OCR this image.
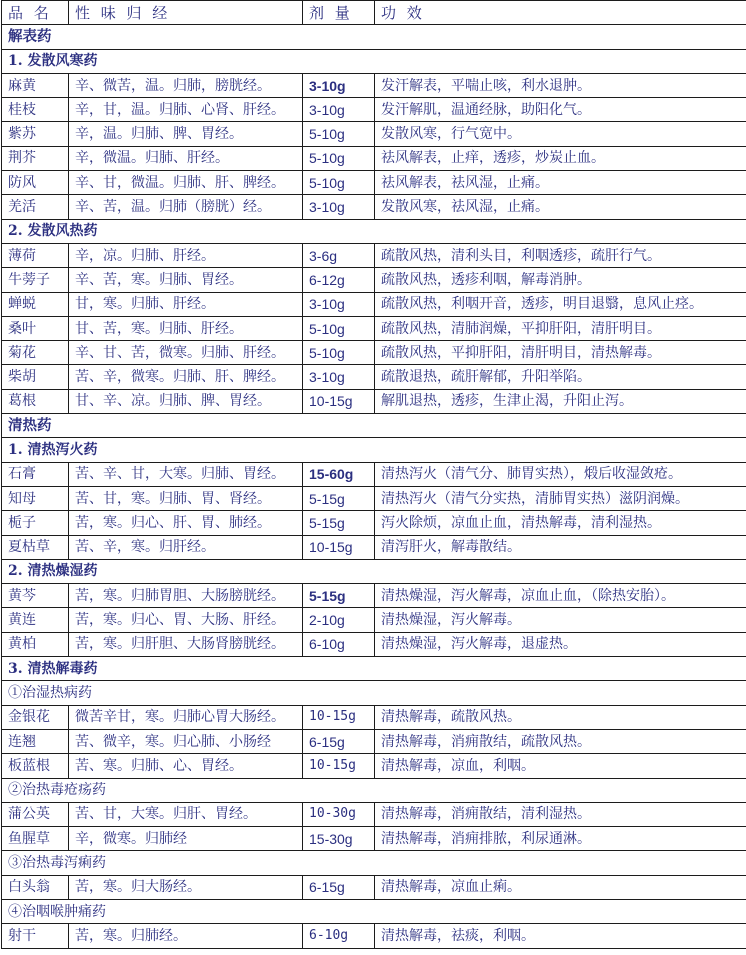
品 名	性 味 归 经	剂 量	功 效
解表药			
1. 发散风寒药			
麻黄	辛、微苦，温。归肺，膀胱经。	3-10g	发汗解表，平喘止咳，利水退肿。
桂枝	辛，甘，温。归肺、心肾、肝经。	3-10g	发汗解肌，温通经脉，助阳化气。
紫苏	辛，温。归肺、脾、胃经。	5-10g	发散风寒，行气宽中。
荆芥	辛，微温。归肺、肝经。	5-10g	祛风解表，止痒，透疹，炒炭止血。
防风	辛、甘，微温。归肺、肝、脾经。	5-10g	祛风解表，祛风湿，止痛。
羌活	辛、苦，温。归肺（膀胱）经。	3-10g	发散风寒，祛风湿，止痛。
2. 发散风热药			
薄荷	辛，凉。归肺、肝经。	3-6g	疏散风热，清利头目，利咽透疹，疏肝行气。
牛蒡子	辛、苦，寒。归肺、胃经。	6-12g	疏散风热，透疹利咽，解毒消肿。
蝉蜕	甘，寒。归肺、肝经。	3-10g	疏散风热，利咽开音，透疹，明目退翳，息风止痉。
桑叶	甘、苦，寒。归肺、肝经。	5-10g	疏散风热，清肺润燥，平抑肝阳，清肝明目。
菊花	辛、甘、苦，微寒。归肺、肝经。	5-10g	疏散风热，平抑肝阳，清肝明目，清热解毒。
柴胡	苦、辛，微寒。归肺、肝、脾经。	3-10g	疏散退热，疏肝解郁，升阳举陷。
葛根	甘、辛、凉。归肺、脾、胃经。	10-15g	解肌退热，透疹，生津止渴，升阳止泻。
清热药			
1. 清热泻火药			
石膏	苦、辛、甘，大寒。归肺、胃经。	15-60g	清热泻火（清气分、肺胃实热），煅后收湿敛疮。
知母	苦、甘，寒。归肺、胃、肾经。	5-15g	清热泻火（清气分实热，清肺胃实热）滋阴润燥。
栀子	苦，寒。归心、肝、胃、肺经。	5-15g	泻火除烦，凉血止血，清热解毒，清利湿热。
夏枯草	苦、辛，寒。归肝经。	10-15g	清泻肝火，解毒散结。
2. 清热燥湿药			
黄芩	苦，寒。归肺胃胆、大肠膀胱经。	5-15g	清热燥湿，泻火解毒，凉血止血，（除热安胎）。
黄连	苦，寒。归心、胃、大肠、肝经。	2-10g	清热燥湿，泻火解毒。
黄柏	苦，寒。归肝胆、大肠肾膀胱经。	6-10g	清热燥湿，泻火解毒，退虚热。
3. 清热解毒药			
①治湿热病药			
金银花	微苦辛甘，寒。归肺心胃大肠经。	10-15g	清热解毒，疏散风热。
连翘	苦、微辛，寒。归心肺、小肠经	6-15g	清热解毒，消痈散结，疏散风热。
板蓝根	苦、寒。归肺、心、胃经。	10-15g	清热解毒，凉血，利咽。
②治热毒疮疡药			
蒲公英	苦、甘，大寒。归肝、胃经。	10-30g	清热解毒，消痈散结，清利湿热。
鱼腥草	辛，微寒。归肺经	15-30g	清热解毒，消痈排脓，利尿通淋。
③治热毒泻痢药			
白头翁	苦，寒。归大肠经。	6-15g	清热解毒，凉血止痢。
④治咽喉肿痛药			
射干	苦，寒。归肺经。	6-10g	清热解毒，祛痰，利咽。
